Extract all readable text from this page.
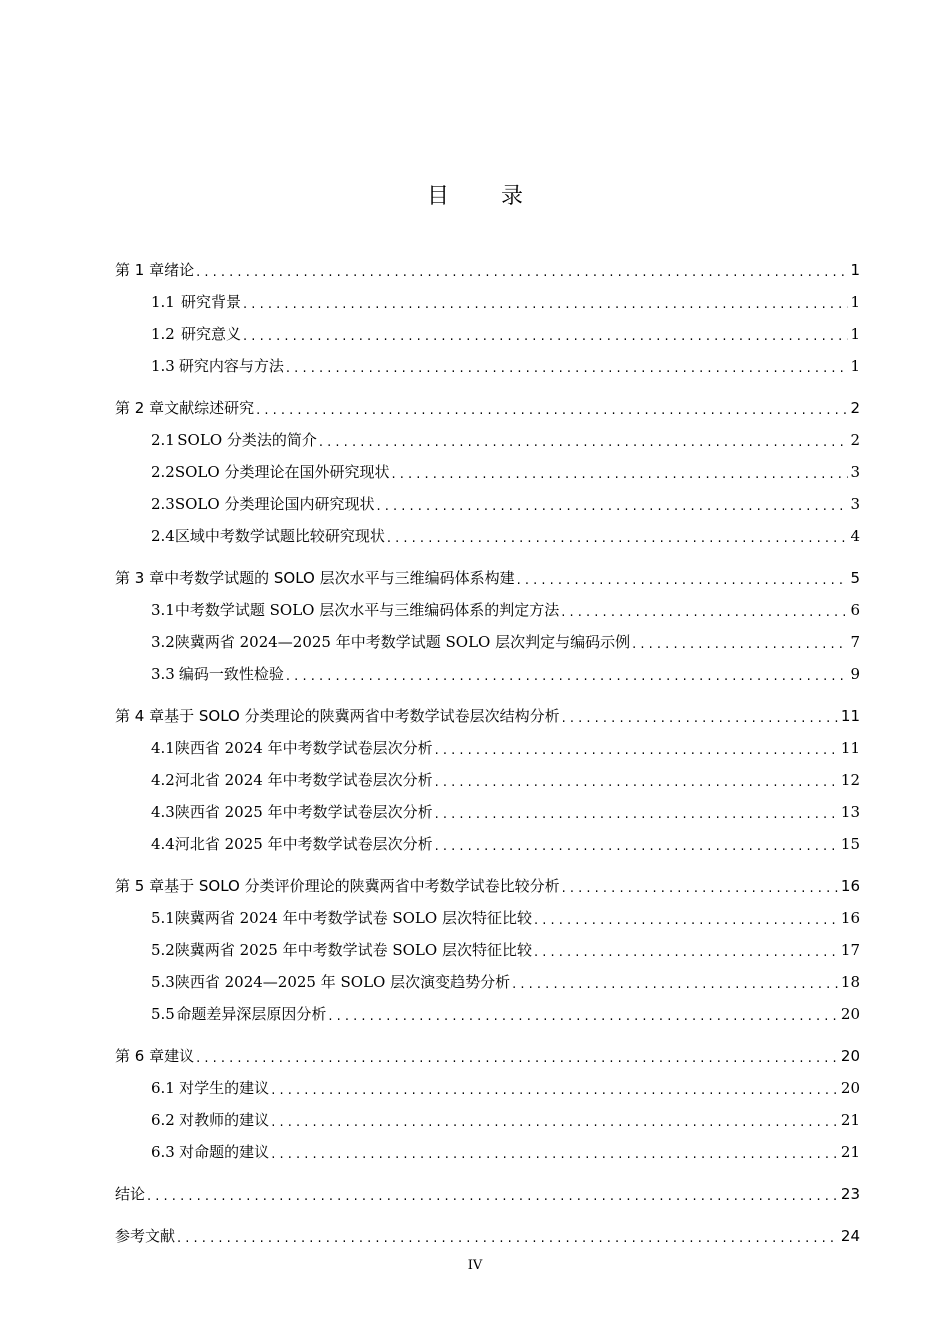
目录
第 1 章 绪论 . . .	1
1.1 研究背景 . . .	1
1.2 研究意义 . . .	1
1.3 研究内容与方法 . . .	1
第 2 章 文献综述研究 . . .	2
2.1 SOLO 分类法的简介 . . .	2
2.2 SOLO 分类理论在国外研究现状 . . .	3
2.3 SOLO 分类理论国内研究现状 . . .	3
2.4 区域中考数学试题比较研究现状 . . .	4
第 3 章 中考数学试题的 SOLO 层次水平与三维编码体系构建 . . .	5
3.1 中考数学试题 SOLO 层次水平与三维编码体系的判定方法 . . .	6
3.2 陕冀两省 2024—2025 年中考数学试题 SOLO 层次判定与编码示例 . . .	7
3.3 编码一致性检验 . . .	9
第 4 章 基于 SOLO 分类理论的陕冀两省中考数学试卷层次结构分析 . . .	11
4.1 陕西省 2024 年中考数学试卷层次分析 . . .	11
4.2 河北省 2024 年中考数学试卷层次分析 . . .	12
4.3 陕西省 2025 年中考数学试卷层次分析 . . .	13
4.4 河北省 2025 年中考数学试卷层次分析 . . .	15
第 5 章 基于 SOLO 分类评价理论的陕冀两省中考数学试卷比较分析 . . .	16
5.1 陕冀两省 2024 年中考数学试卷 SOLO 层次特征比较 . . .	16
5.2 陕冀两省 2025 年中考数学试卷 SOLO 层次特征比较 . . .	17
5.3 陕西省 2024—2025 年 SOLO 层次演变趋势分析 . . .	18
5.5 命题差异深层原因分析 . . .	20
第 6 章 建议 . . .	20
6.1 对学生的建议 . . .	20
6.2 对教师的建议 . . .	21
6.3 对命题的建议 . . .	21
结论 . . .	23
参考文献 . . .	24
IV
